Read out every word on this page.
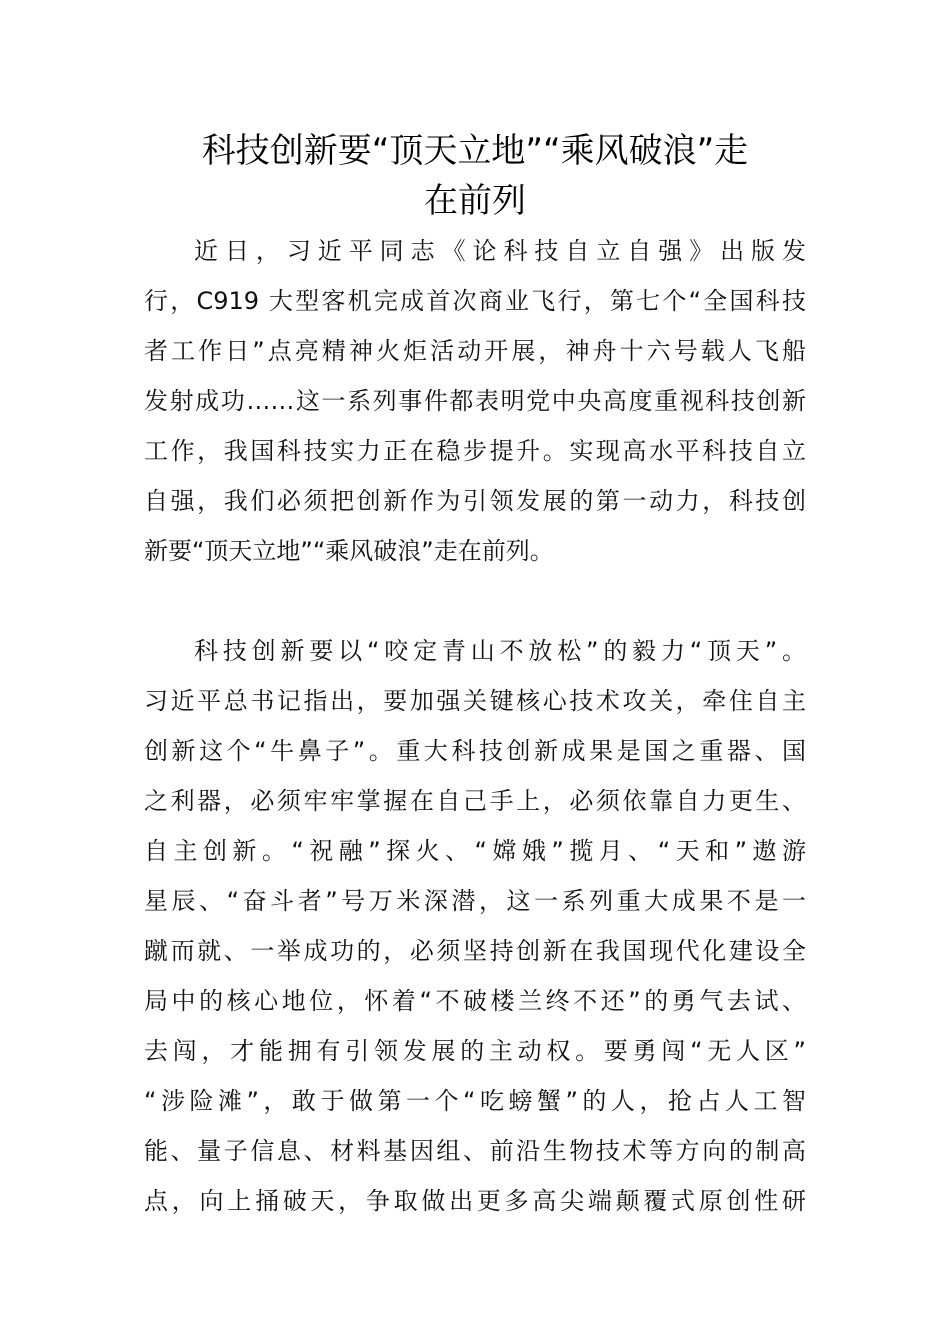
科技创新要“顶天立地”“乘风破浪”走
在前列
近日，习近平同志《论科技自立自强》出版发
行，C919 大型客机完成首次商业飞行，第七个“全国科技
者工作日”点亮精神火炬活动开展，神舟十六号载人飞船
发射成功……这一系列事件都表明党中央高度重视科技创新
工作，我国科技实力正在稳步提升。实现高水平科技自立
自强，我们必须把创新作为引领发展的第一动力，科技创
新要“顶天立地”“乘风破浪”走在前列。
科技创新要以“咬定青山不放松”的毅力“顶天”。
习近平总书记指出，要加强关键核心技术攻关，牵住自主
创新这个“牛鼻子”。重大科技创新成果是国之重器、国
之利器，必须牢牢掌握在自己手上，必须依靠自力更生、
自主创新。“祝融”探火、“嫦娥”揽月、“天和”遨游
星辰、“奋斗者”号万米深潜，这一系列重大成果不是一
蹴而就、一举成功的，必须坚持创新在我国现代化建设全
局中的核心地位，怀着“不破楼兰终不还”的勇气去试、
去闯，才能拥有引领发展的主动权。要勇闯“无人区”
“涉险滩”，敢于做第一个“吃螃蟹”的人，抢占人工智
能、量子信息、材料基因组、前沿生物技术等方向的制高
点，向上捅破天，争取做出更多高尖端颠覆式原创性研
